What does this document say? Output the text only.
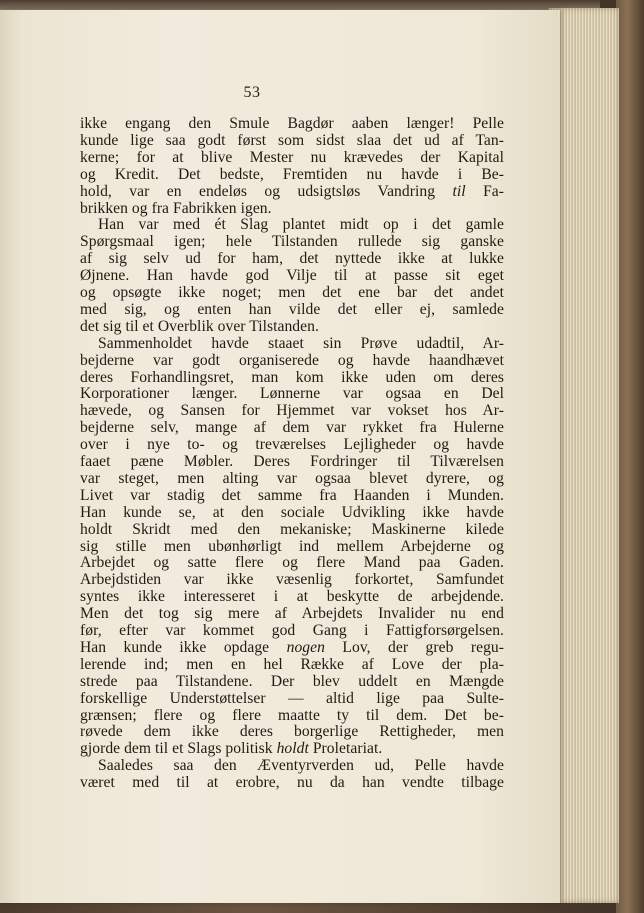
53
ikke engang den Smule Bagdør aaben længer! Pelle
kunde lige saa godt først som sidst slaa det ud af Tan-
kerne; for at blive Mester nu krævedes der Kapital
og Kredit. Det bedste, Fremtiden nu havde i Be-
hold, var en endeløs og udsigtsløs Vandring til Fa-
brikken og fra Fabrikken igen.
Han var med ét Slag plantet midt op i det gamle
Spørgsmaal igen; hele Tilstanden rullede sig ganske
af sig selv ud for ham, det nyttede ikke at lukke
Øjnene. Han havde god Vilje til at passe sit eget
og opsøgte ikke noget; men det ene bar det andet
med sig, og enten han vilde det eller ej, samlede
det sig til et Overblik over Tilstanden.
Sammenholdet havde staaet sin Prøve udadtil, Ar-
bejderne var godt organiserede og havde haandhævet
deres Forhandlingsret, man kom ikke uden om deres
Korporationer længer. Lønnerne var ogsaa en Del
hævede, og Sansen for Hjemmet var vokset hos Ar-
bejderne selv, mange af dem var rykket fra Hulerne
over i nye to- og treværelses Lejligheder og havde
faaet pæne Møbler. Deres Fordringer til Tilværelsen
var steget, men alting var ogsaa blevet dyrere, og
Livet var stadig det samme fra Haanden i Munden.
Han kunde se, at den sociale Udvikling ikke havde
holdt Skridt med den mekaniske; Maskinerne kilede
sig stille men ubønhørligt ind mellem Arbejderne og
Arbejdet og satte flere og flere Mand paa Gaden.
Arbejdstiden var ikke væsenlig forkortet, Samfundet
syntes ikke interesseret i at beskytte de arbejdende.
Men det tog sig mere af Arbejdets Invalider nu end
før, efter var kommet god Gang i Fattigforsørgelsen.
Han kunde ikke opdage nogen Lov, der greb regu-
lerende ind; men en hel Række af Love der pla-
strede paa Tilstandene. Der blev uddelt en Mængde
forskellige Understøttelser — altid lige paa Sulte-
grænsen; flere og flere maatte ty til dem. Det be-
røvede dem ikke deres borgerlige Rettigheder, men
gjorde dem til et Slags politisk holdt Proletariat.
Saaledes saa den Æventyrverden ud, Pelle havde
været med til at erobre, nu da han vendte tilbage
